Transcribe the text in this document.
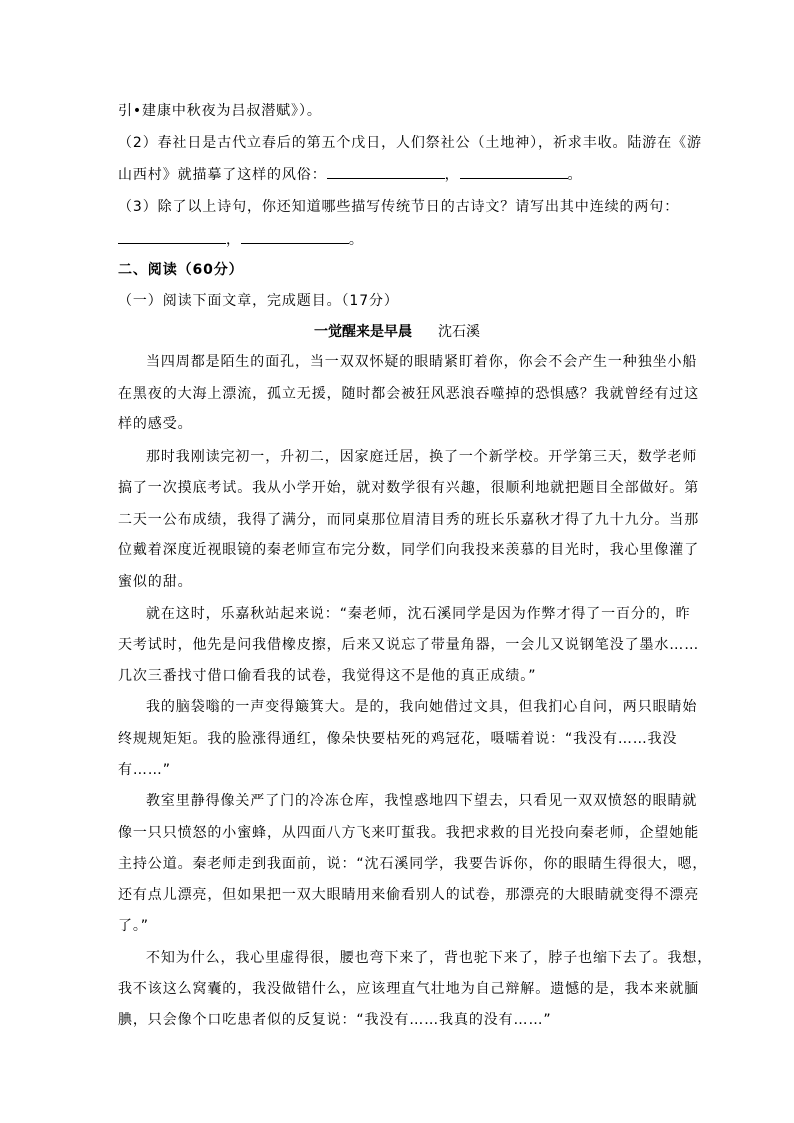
引•建康中秋夜为吕叔潜赋》）。
（2）春社日是古代立春后的第五个戊日，人们祭社公（土地神），祈求丰收。陆游在《游
山西村》就描摹了这样的风俗：	，	。
（3）除了以上诗句，你还知道哪些描写传统节日的古诗文？请写出其中连续的两句：
，	。
二、阅读（60分）
（一）阅读下面文章，完成题目。（17分）
一觉醒来是早晨 沈石溪
当四周都是陌生的面孔，当一双双怀疑的眼睛紧盯着你，你会不会产生一种独坐小船
在黑夜的大海上漂流，孤立无援，随时都会被狂风恶浪吞噬掉的恐惧感？我就曾经有过这
样的感受。
那时我刚读完初一，升初二，因家庭迁居，换了一个新学校。开学第三天，数学老师
搞了一次摸底考试。我从小学开始，就对数学很有兴趣，很顺利地就把题目全部做好。第
二天一公布成绩，我得了满分，而同桌那位眉清目秀的班长乐嘉秋才得了九十九分。当那
位戴着深度近视眼镜的秦老师宣布完分数，同学们向我投来羡慕的目光时，我心里像灌了
蜜似的甜。
就在这时，乐嘉秋站起来说：“秦老师，沈石溪同学是因为作弊才得了一百分的，昨
天考试时，他先是问我借橡皮擦，后来又说忘了带量角器，一会儿又说钢笔没了墨水……
几次三番找寸借口偷看我的试卷，我觉得这不是他的真正成绩。”
我的脑袋嗡的一声变得簸箕大。是的，我向她借过文具，但我扪心自问，两只眼睛始
终规规矩矩。我的脸涨得通红，像朵快要枯死的鸡冠花，嗫嚅着说：“我没有……我没
有……”
教室里静得像关严了门的冷冻仓库，我惶惑地四下望去，只看见一双双愤怒的眼睛就
像一只只愤怒的小蜜蜂，从四面八方飞来叮蜇我。我把求救的目光投向秦老师，企望她能
主持公道。秦老师走到我面前，说：“沈石溪同学，我要告诉你，你的眼睛生得很大，嗯，
还有点儿漂亮，但如果把一双大眼睛用来偷看别人的试卷，那漂亮的大眼睛就变得不漂亮
了。”
不知为什么，我心里虚得很，腰也弯下来了，背也驼下来了，脖子也缩下去了。我想，
我不该这么窝囊的，我没做错什么，应该理直气壮地为自己辩解。遗憾的是，我本来就腼
腆，只会像个口吃患者似的反复说：“我没有……我真的没有……”
